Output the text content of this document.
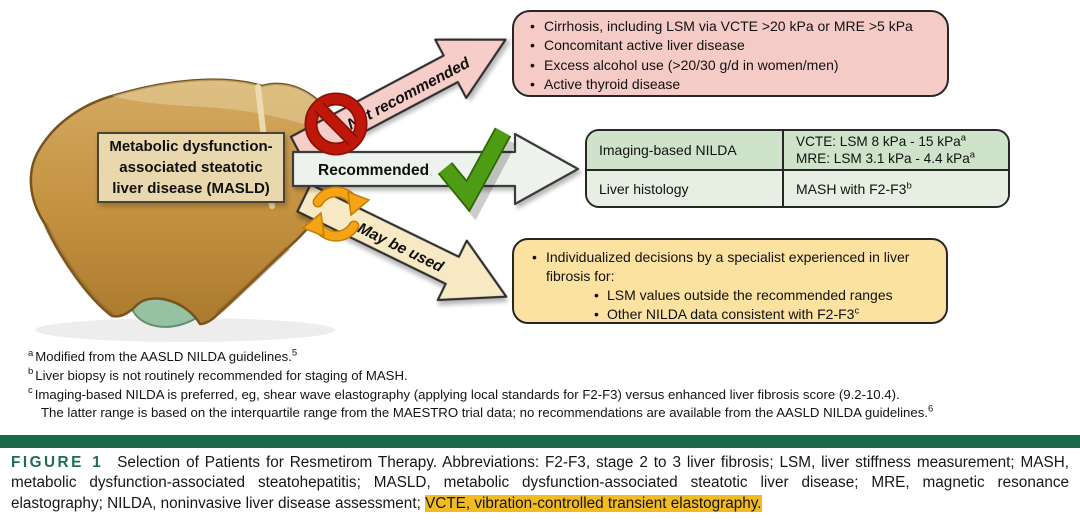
Not recommended
May be used
Recommended
Metabolic dysfunction-
associated steatotic
liver disease (MASLD)
• Cirrhosis, including LSM via VCTE >20 kPa or MRE >5 kPa
• Concomitant active liver disease
• Excess alcohol use (>20/30 g/d in women/men)
• Active thyroid disease
Imaging-based NILDA
VCTE: LSM 8 kPa - 15 kPa$^a$
MRE: LSM 3.1 kPa - 4.4 kPa$^a$
Liver histology	MASH with F2-F3$^b$
• Individualized decisions by a specialist experienced in liver fibrosis for:
• LSM values outside the recommended ranges
• Other NILDA data consistent with F2-F3$^c$
$^a$ Modified from the AASLD NILDA guidelines.$^5$
$^b$ Liver biopsy is not routinely recommended for staging of MASH.
$^c$ Imaging-based NILDA is preferred, eg, shear wave elastography (applying local standards for F2-F3) versus enhanced liver fibrosis score (9.2-10.4).
The latter range is based on the interquartile range from the MAESTRO trial data; no recommendations are available from the AASLD NILDA guidelines.$^6$
FIGURE 1 Selection of Patients for Resmetirom Therapy. Abbreviations: F2-F3, stage 2 to 3 liver fibrosis; LSM, liver stiffness measurement; MASH, metabolic dysfunction-associated steatohepatitis; MASLD, metabolic dysfunction-associated steatotic liver disease; MRE, magnetic resonance elastography; NILDA, noninvasive liver disease assessment; VCTE, vibration-controlled transient elastography.
